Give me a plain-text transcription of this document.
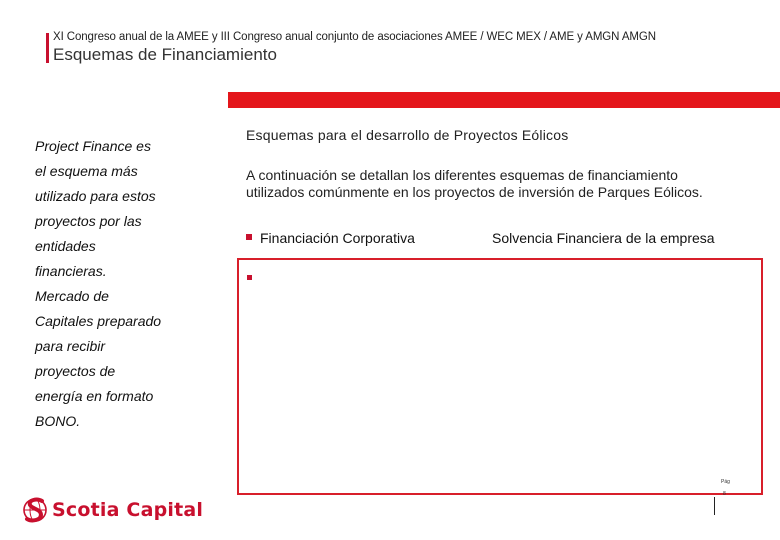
XI Congreso anual de la AMEE y III Congreso anual conjunto de asociaciones AMEE / WEC MEX / AME y AMGN AMGN
Esquemas de Financiamiento
Project Finance es
el esquema más
utilizado para estos
proyectos por las
entidades
financieras.
Mercado de
Capitales preparado
para recibir
proyectos de
energía en formato
BONO.
Esquemas para el desarrollo de Proyectos Eólicos
A continuación se detallan los diferentes esquemas de financiamiento
utilizados comúnmente en los proyectos de inversión de Parques Eólicos.
Financiación Corporativa	Solvencia Financiera de la empresa
Pág
8
Scotia Capital
